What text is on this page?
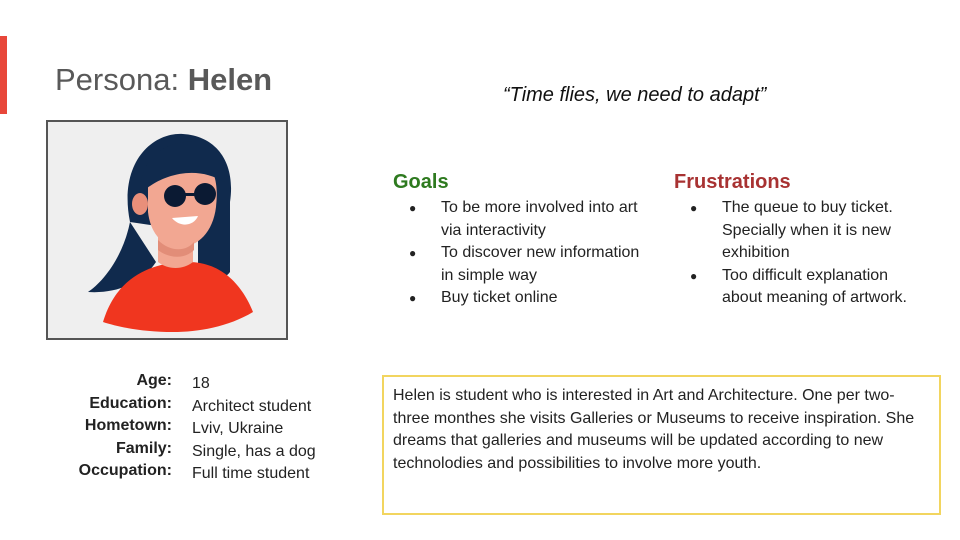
Persona: Helen	“Time flies, we need to adapt”
Goals
● To be more involved into art via interactivity
● To discover new information in simple way
● Buy ticket online
Frustrations
● The queue to buy ticket. Specially when it is new exhibition
● Too difficult explanation about meaning of artwork.
Age: 18
Education: Architect student
Hometown: Lviv, Ukraine
Family: Single, has a dog
Occupation: Full time student
Helen is student who is interested in Art and Architecture. One per two-three monthes she visits Galleries or Museums to receive inspiration. She dreams that galleries and museums will be updated according to new technolodies and possibilities to involve more youth.
